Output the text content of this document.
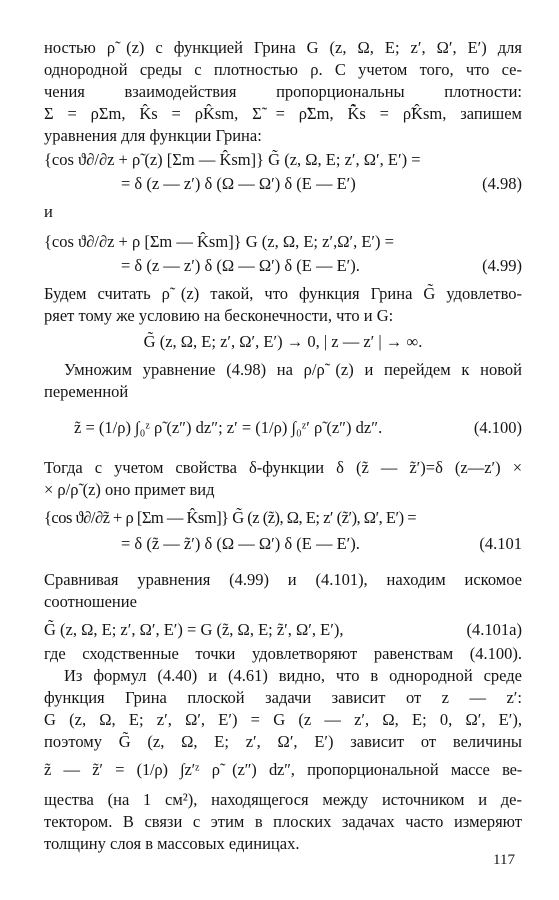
ностью ρ̃ (z) с функцией Грина G (z, Ω, E; z′, Ω′, E′) для
однородной среды с плотностью ρ. С учетом того, что се-
чения взаимодействия пропорциональны плотности:
Σ = ρΣm, K̂s = ρK̂sm, Σ̃ = ρ̃Σm, K̃̂s = ρ̃K̂sm, запишем
уравнения для функции Грина:
{cos ϑ∂/∂z + ρ̃ (z) [Σm — K̂sm]} G̃ (z, Ω, E; z′, Ω′, E′) =
= δ (z — z′) δ (Ω — Ω′) δ (E — E′)	(4.98)
и
{cos ϑ∂/∂z + ρ [Σm — K̂sm]} G (z, Ω, E; z′,Ω′, E′) =
= δ (z — z′) δ (Ω — Ω′) δ (E — E′).	(4.99)
Будем считать ρ̃ (z) такой, что функция Грина G̃ удовлетво-
ряет тому же условию на бесконечности, что и G:
G̃ (z, Ω, E; z′, Ω′, E′) → 0, | z — z′ | → ∞.
Умножим уравнение (4.98) на ρ/ρ̃ (z) и перейдем к новой
переменной
z̃ = (1/ρ) ∫₀ᶻ ρ̃ (z″) dz″; z′ = (1/ρ) ∫₀ᶻ′ ρ̃ (z″) dz″.	(4.100)
Тогда с учетом свойства δ-функции δ (z̃ — z̃′)=δ (z—z′) ×
× ρ/ρ̃ (z) оно примет вид
{cos ϑ∂/∂z̃ + ρ [Σm — K̂sm]} G̃ (z (z̃), Ω, E; z′ (z̃′), Ω′, E′) =
= δ (z̃ — z̃′) δ (Ω — Ω′) δ (E — E′).	(4.101
Сравнивая уравнения (4.99) и (4.101), находим искомое
соотношение
G̃ (z, Ω, E; z′, Ω′, E′) = G (z̃, Ω, E; z̃′, Ω′, E′),	(4.101а)
где сходственные точки удовлетворяют равенствам (4.100).
Из формул (4.40) и (4.61) видно, что в однородной среде
функция Грина плоской задачи зависит от z — z′:
G (z, Ω, E; z′, Ω′, E′) = G (z — z′, Ω, E; 0, Ω′, E′),
поэтому G̃ (z, Ω, E; z′, Ω′, E′) зависит от величины
z̃ — z̃′ = (1/ρ) ∫z′ᶻ ρ̃ (z″) dz″, пропорциональной массе ве-
щества (на 1 см²), находящегося между источником и де-
тектором. В связи с этим в плоских задачах часто измеряют
толщину слоя в массовых единицах.
117
